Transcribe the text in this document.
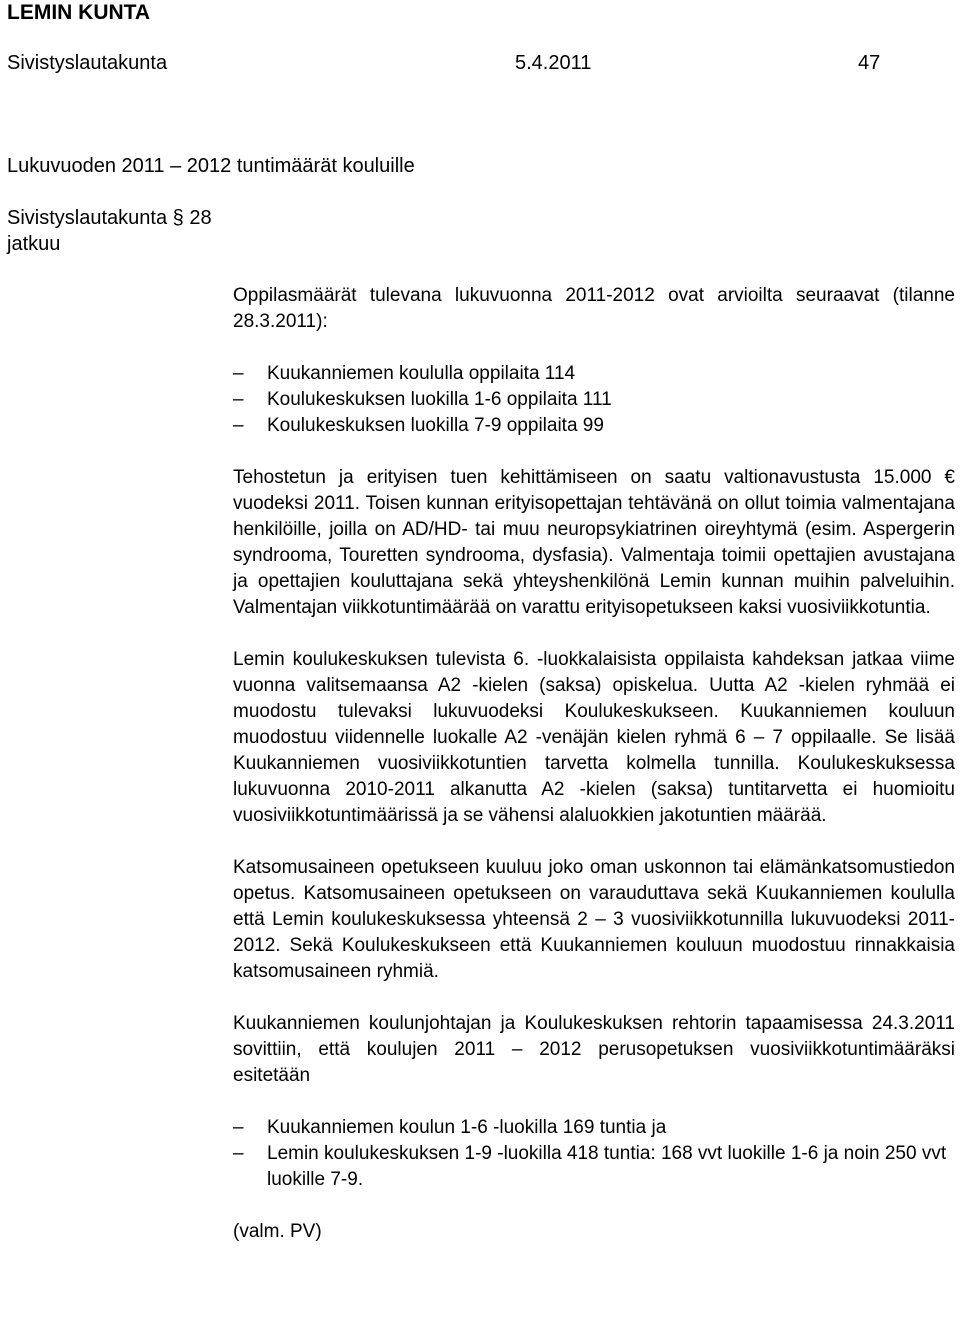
LEMIN KUNTA
Sivistyslautakunta	5.4.2011	47
Lukuvuoden 2011 – 2012 tuntimäärät kouluille
Sivistyslautakunta § 28
jatkuu

Oppilasmäärät tulevana lukuvuonna 2011-2012 ovat arvioilta seuraavat (tilanne 28.3.2011):

– Kuukanniemen koululla oppilaita 114
– Koulukeskuksen luokilla 1-6 oppilaita 111
– Koulukeskuksen luokilla 7-9 oppilaita 99

Tehostetun ja erityisen tuen kehittämiseen on saatu valtionavustusta 15.000 € vuodeksi 2011. Toisen kunnan erityisopettajan tehtävänä on ollut toimia valmentajana henkilöille, joilla on AD/HD- tai muu neuropsykiatrinen oireyhtymä (esim. Aspergerin syndrooma, Touretten syndrooma, dysfasia). Valmentaja toimii opettajien avustajana ja opettajien kouluttajana sekä yhteyshenkilönä Lemin kunnan muihin palveluihin. Valmentajan viikkotuntimäärää on varattu erityisopetukseen kaksi vuosiviikkotuntia.

Lemin koulukeskuksen tulevista 6. -luokkalaisista oppilaista kahdeksan jatkaa viime vuonna valitsemaansa A2 -kielen (saksa) opiskelua. Uutta A2 -kielen ryhmää ei muodostu tulevaksi lukuvuodeksi Koulukeskukseen. Kuukanniemen kouluun muodostuu viidennelle luokalle A2 -venäjän kielen ryhmä 6 – 7 oppilaalle. Se lisää Kuukanniemen vuosiviikkotuntien tarvetta kolmella tunnilla. Koulukeskuksessa lukuvuonna 2010-2011 alkanutta A2 -kielen (saksa) tuntitarvetta ei huomioitu vuosiviikkotuntimäärissä ja se vähensi alaluokkien jakotuntien määrää.

Katsomusaineen opetukseen kuuluu joko oman uskonnon tai elämänkatsomustiedon opetus. Katsomusaineen opetukseen on varauduttava sekä Kuukanniemen koululla että Lemin koulukeskuksessa yhteensä 2 – 3 vuosiviikkotunnilla lukuvuodeksi 2011-2012. Sekä Koulukeskukseen että Kuukanniemen kouluun muodostuu rinnakkaisia katsomusaineen ryhmiä.

Kuukanniemen koulunjohtajan ja Koulukeskuksen rehtorin tapaamisessa 24.3.2011 sovittiin, että koulujen 2011 – 2012 perusopetuksen vuosiviikkotuntimääräksi esitetään

– Kuukanniemen koulun 1-6 -luokilla 169 tuntia ja
– Lemin koulukeskuksen 1-9 -luokilla 418 tuntia: 168 vvt luokille 1-6 ja noin 250 vvt luokille 7-9.

(valm. PV)
